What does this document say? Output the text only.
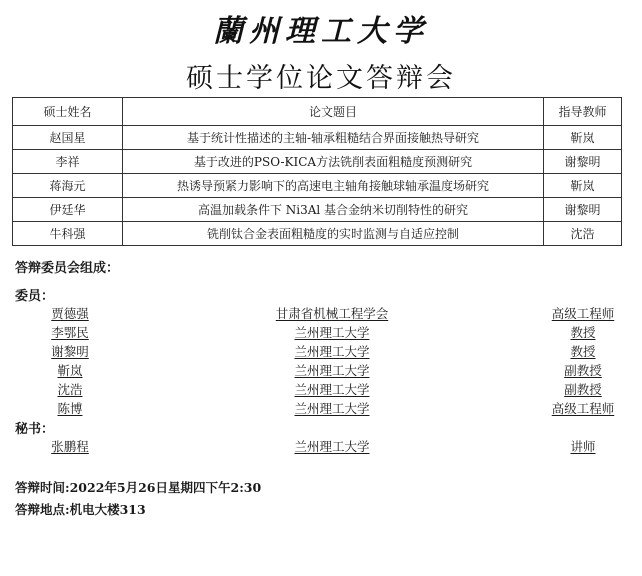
蘭州理工大学
硕士学位论文答辩会
硕士姓名	论文题目	指导教师
赵国星	基于统计性描述的主轴-轴承粗糙结合界面接触热导研究	靳岚
李祥	基于改进的PSO-KICA方法铣削表面粗糙度预测研究	谢黎明
蒋海元	热诱导预紧力影响下的高速电主轴角接触球轴承温度场研究	靳岚
伊廷华	高温加载条件下 Ni3Al 基合金纳米切削特性的研究	谢黎明
牛科强	铣削钛合金表面粗糙度的实时监测与自适应控制	沈浩
答辩委员会组成：
委员：
贾德强	甘肃省机械工程学会	高级工程师
李鄂民	兰州理工大学	教授
谢黎明	兰州理工大学	教授
靳岚	兰州理工大学	副教授
沈浩	兰州理工大学	副教授
陈博	兰州理工大学	高级工程师
秘书：
张鹏程	兰州理工大学	讲师
答辩时间:2022年5月26日星期四下午2:30
答辩地点:机电大楼313
